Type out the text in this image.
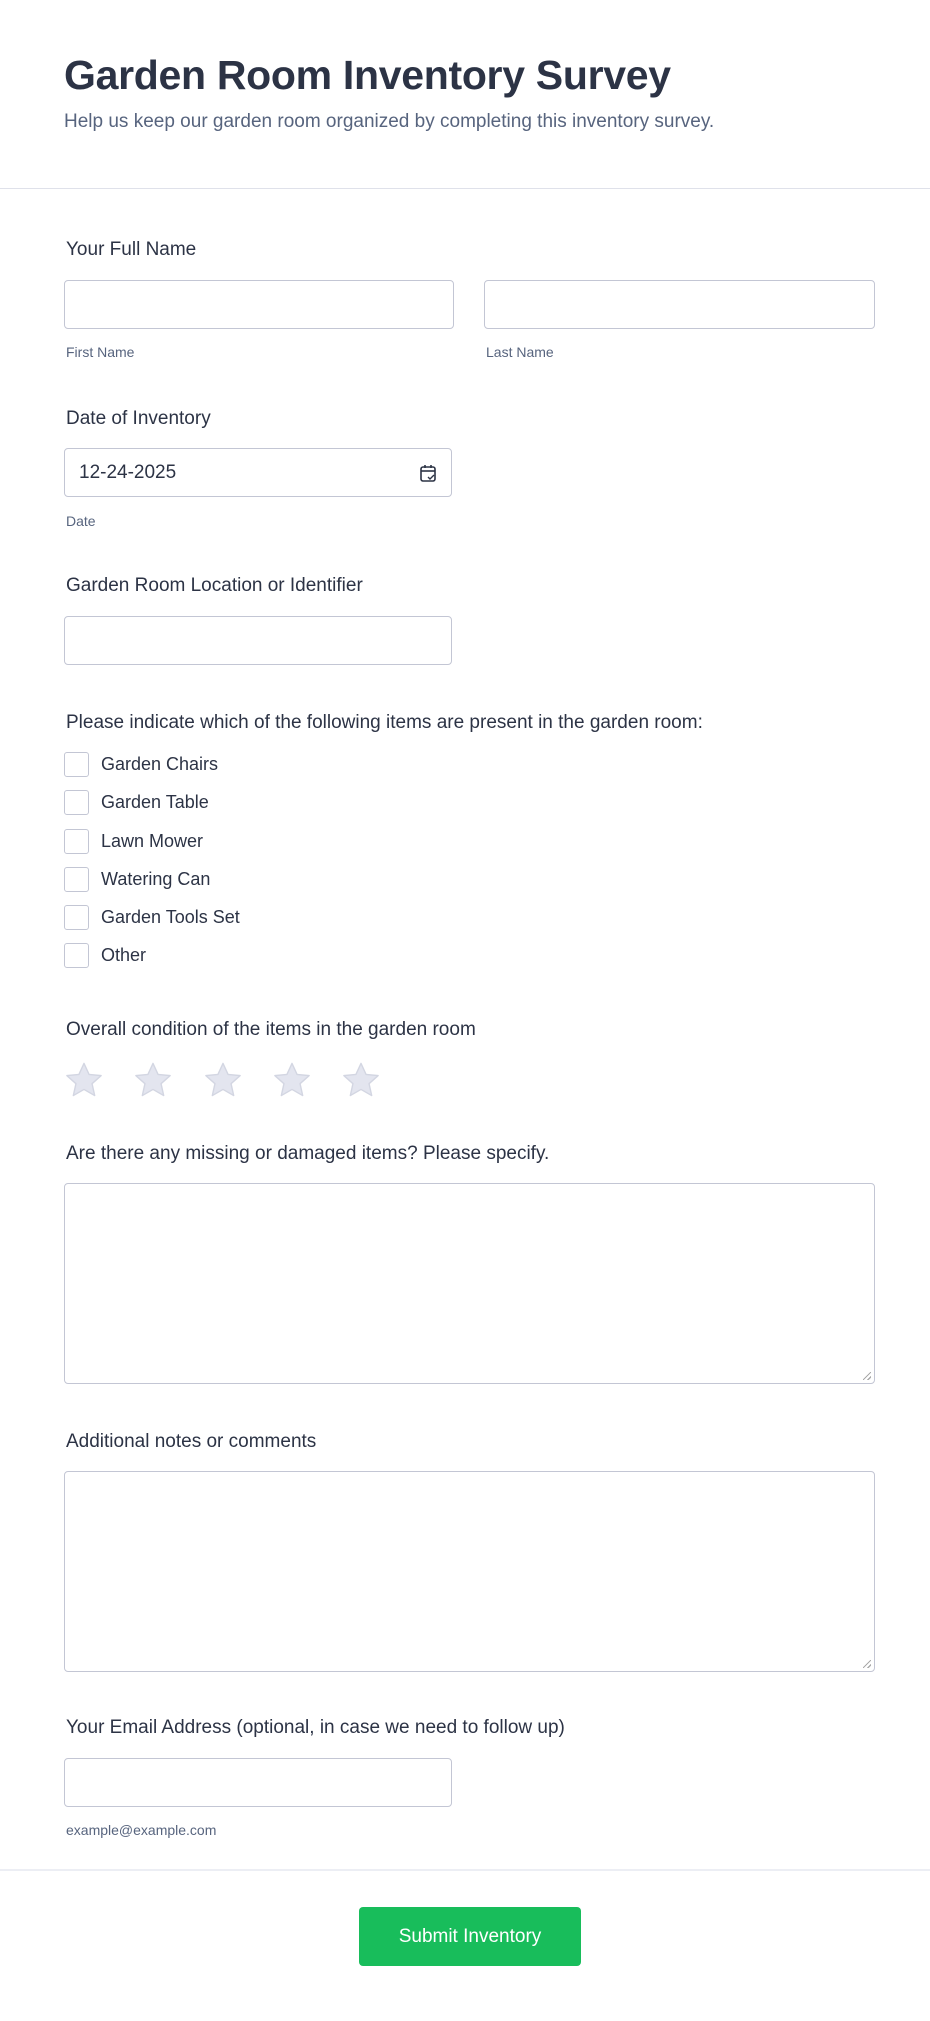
Garden Room Inventory Survey
Help us keep our garden room organized by completing this inventory survey.
Your Full Name
First Name	Last Name
Date of Inventory
12-24-2025
Date
Garden Room Location or Identifier
Please indicate which of the following items are present in the garden room:
Garden Chairs
Garden Table
Lawn Mower
Watering Can
Garden Tools Set
Other
Overall condition of the items in the garden room
Are there any missing or damaged items? Please specify.
Additional notes or comments
Your Email Address (optional, in case we need to follow up)
example@example.com
Submit Inventory
